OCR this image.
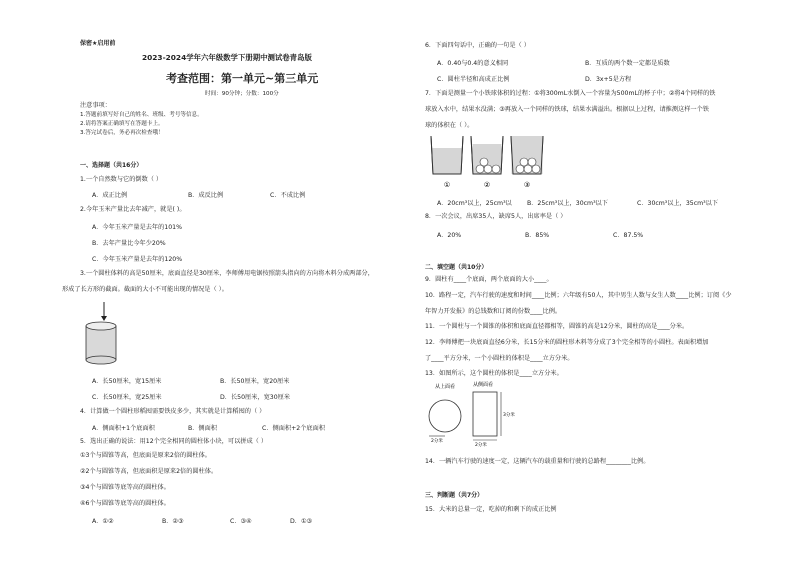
保密★启用前
2023-2024学年六年级数学下册期中测试卷青岛版
考查范围：第一单元~第三单元
时间：90分钟；分数：100分
注意事项：
1.答题前填写好自己的姓名、班级、考号等信息。
2.请将答案正确填写在答题卡上。
3.答完试卷后，务必再次检查哦！
一、选择题（共16分）
1.一个自然数与它的倒数（ ）
A．成正比例	B．成反比例	C．不成比例
2.今年玉米产量比去年减产，就是( )。
A．今年玉米产量是去年的101%
B．去年产量比今年少20%
C．今年玉米产量是去年的120%
3.一个圆柱体料的高是50厘米，底面直径是30厘米，李师傅用电锯按照箭头指向的方向将木料分成两部分，
形成了长方形的截面。截面的大小不可能出现的情况是（ ）。
A．长50厘米，宽15厘米	B．长50厘米，宽20厘米
C．长50厘米，宽25厘米	D．长50厘米，宽30厘米
4．计算做一个圆柱形稻囤需要铁皮多少，其实就是计算稻囤的（ ）
A．侧面积+1个底面积	B．侧面积	C．侧面积+2个底面积
5．选出正确的说法：用12个完全相同的圆柱体小块，可以拼成（ ）
①3个与圆锥等高，但底面是原来2倍的圆柱体。
②2个与圆锥等高，但底面积是原来2倍的圆柱体。
③4个与圆锥等底等高的圆柱体。
④6个与圆锥等底等高的圆柱体。
A．①②	B．②③	C．③④	D．①③
6．下面四句话中，正确的一句是（ ）
A．0.40与0.4的意义相同	B．互质的两个数一定都是质数
C．圆柱半径和高成正比例	D．3x+5是方程
7．下面是测量一个小铁球体积的过程：①将300mL水倒入一个容量为500mL的杯子中；②将4个同样的铁
球放入水中，结果水没满；③再放入一个同样的铁球，结果水满溢出。根据以上过程，请推测这样一个铁
球的体积在（ ）。
①	②	③
A．20cm³以上，25cm³以 B．25cm³以上，30cm³以下	C．30cm³以上，35cm³以下
8．一次会议，出席35人，缺席5人，出席率是（ ）
A．20%	B．85%	C．87.5%
二、填空题（共10分）
9．圆柱有____个底面，两个底面的大小____。
10．路程一定，汽车行驶的速度和时间____比例；六年级有50人，其中男生人数与女生人数____比例；订阅《少
年智力开发报》的总钱数和订阅的份数____比例。
11．一个圆柱与一个圆锥的体积和底面直径都相等，圆锥的高是12分米，圆柱的高是____分米。
12．李师傅把一块底面直径6分米，长15分米的圆柱形木料等分成了3个完全相等的小圆柱。表面积增加
了____平方分米，一个小圆柱的体积是____立方分米。
13．如图所示，这个圆柱的体积是____立方分米。
从上面看	从侧面看
2分米
3分米
2分米
14．一辆汽车行驶的速度一定，这辆汽车的载重量和行驶的总路程________比例。
三、判断题（共7分）
15．大米的总量一定，吃掉的和剩下的成正比例
